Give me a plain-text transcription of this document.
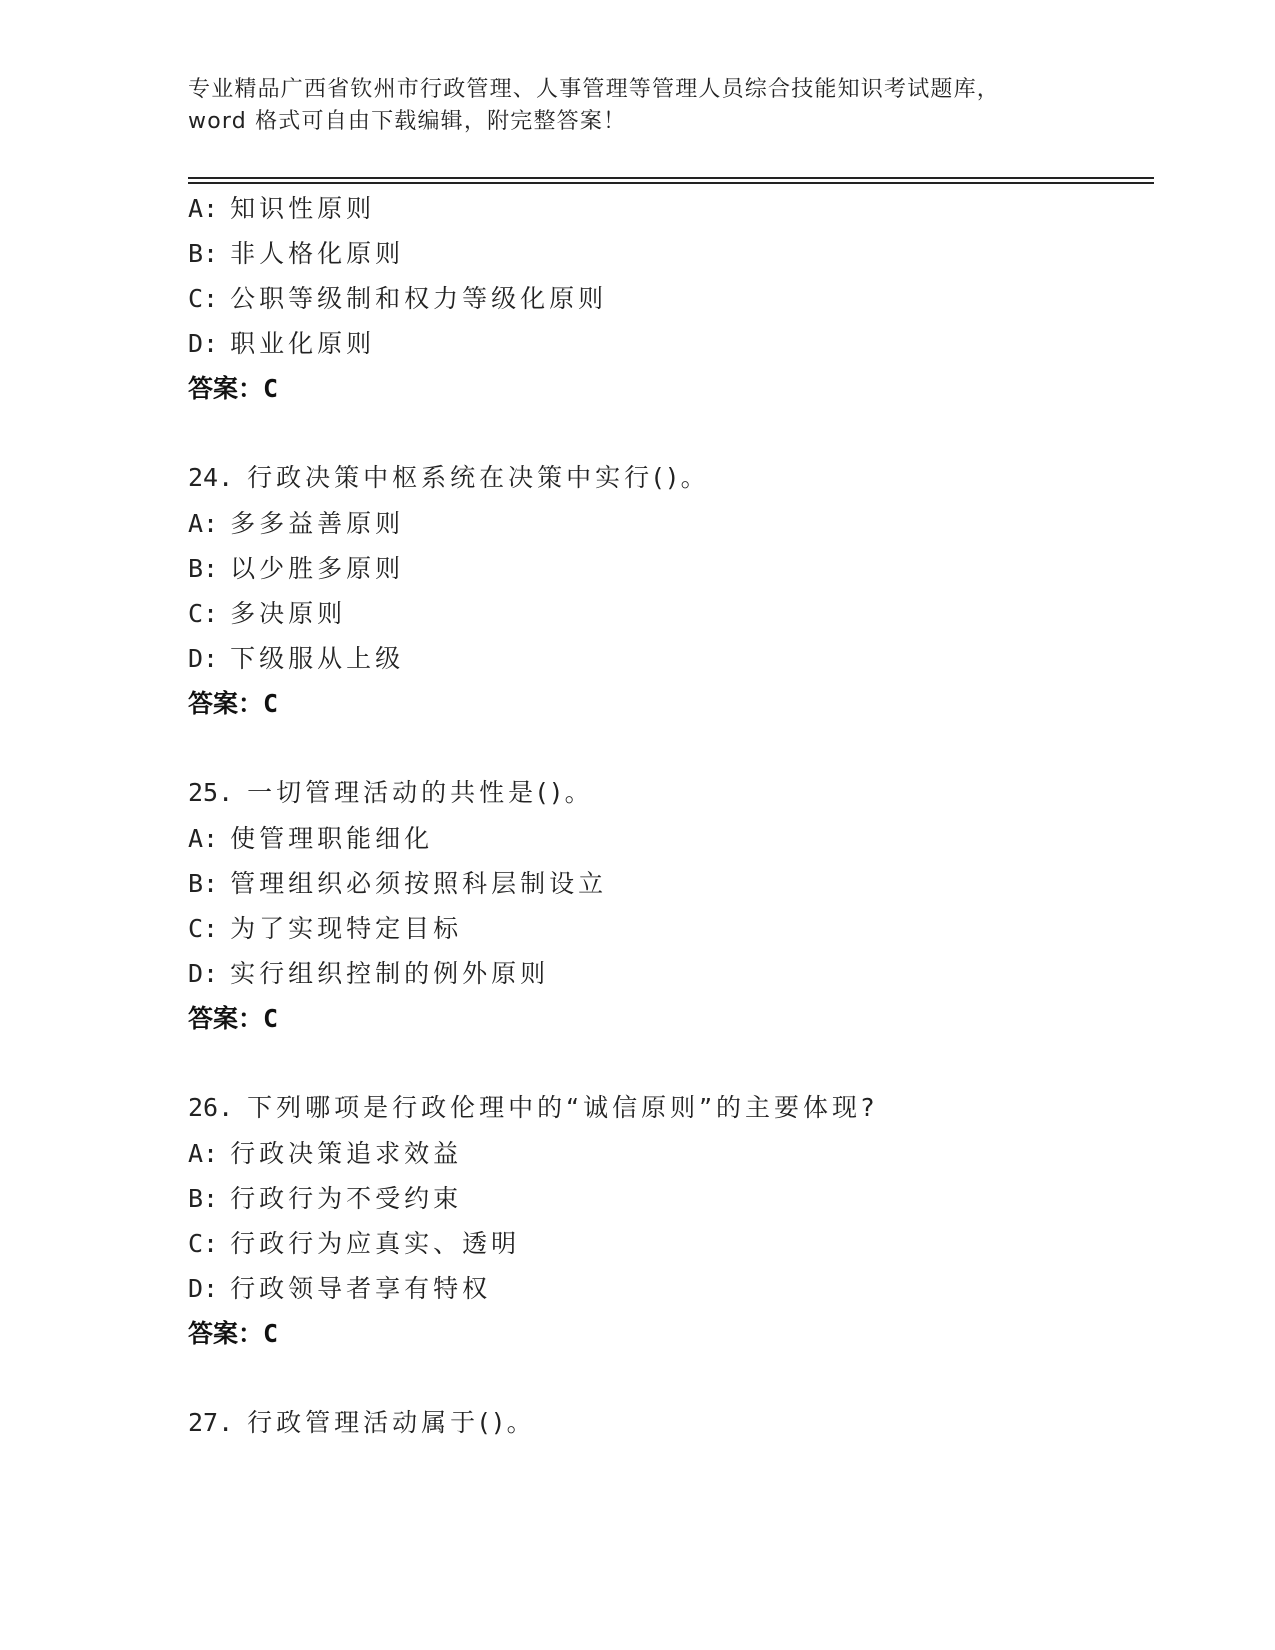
专业精品广西省钦州市行政管理、人事管理等管理人员综合技能知识考试题库，
word 格式可自由下载编辑，附完整答案！
A: 知识性原则
B: 非人格化原则
C: 公职等级制和权力等级化原则
D: 职业化原则
答案：C
24. 行政决策中枢系统在决策中实行()。
A: 多多益善原则
B: 以少胜多原则
C: 多决原则
D: 下级服从上级
答案：C
25. 一切管理活动的共性是()。
A: 使管理职能细化
B: 管理组织必须按照科层制设立
C: 为了实现特定目标
D: 实行组织控制的例外原则
答案：C
26. 下列哪项是行政伦理中的“诚信原则”的主要体现?
A: 行政决策追求效益
B: 行政行为不受约束
C: 行政行为应真实、透明
D: 行政领导者享有特权
答案：C
27. 行政管理活动属于()。
